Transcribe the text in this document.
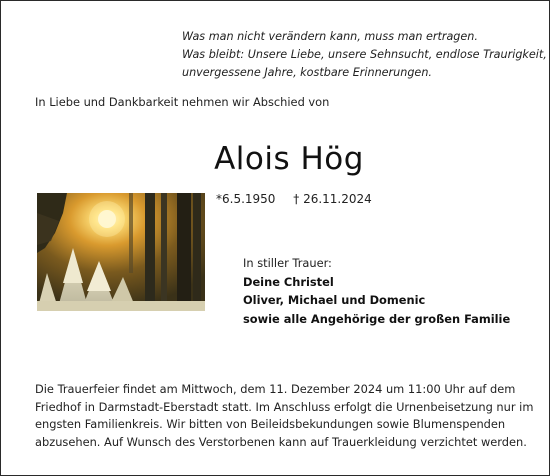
Was man nicht verändern kann, muss man ertragen.
Was bleibt: Unsere Liebe, unsere Sehnsucht, endlose Traurigkeit,
unvergessene Jahre, kostbare Erinnerungen.
In Liebe und Dankbarkeit nehmen wir Abschied von
Alois Hög
*6.5.1950 † 26.11.2024
In stiller Trauer:
Deine Christel
Oliver, Michael und Domenic
sowie alle Angehörige der großen Familie
Die Trauerfeier findet am Mittwoch, dem 11. Dezember 2024 um 11:00 Uhr auf dem
Friedhof in Darmstadt-Eberstadt statt. Im Anschluss erfolgt die Urnenbeisetzung nur im
engsten Familienkreis. Wir bitten von Beileidsbekundungen sowie Blumenspenden
abzusehen. Auf Wunsch des Verstorbenen kann auf Trauerkleidung verzichtet werden.
